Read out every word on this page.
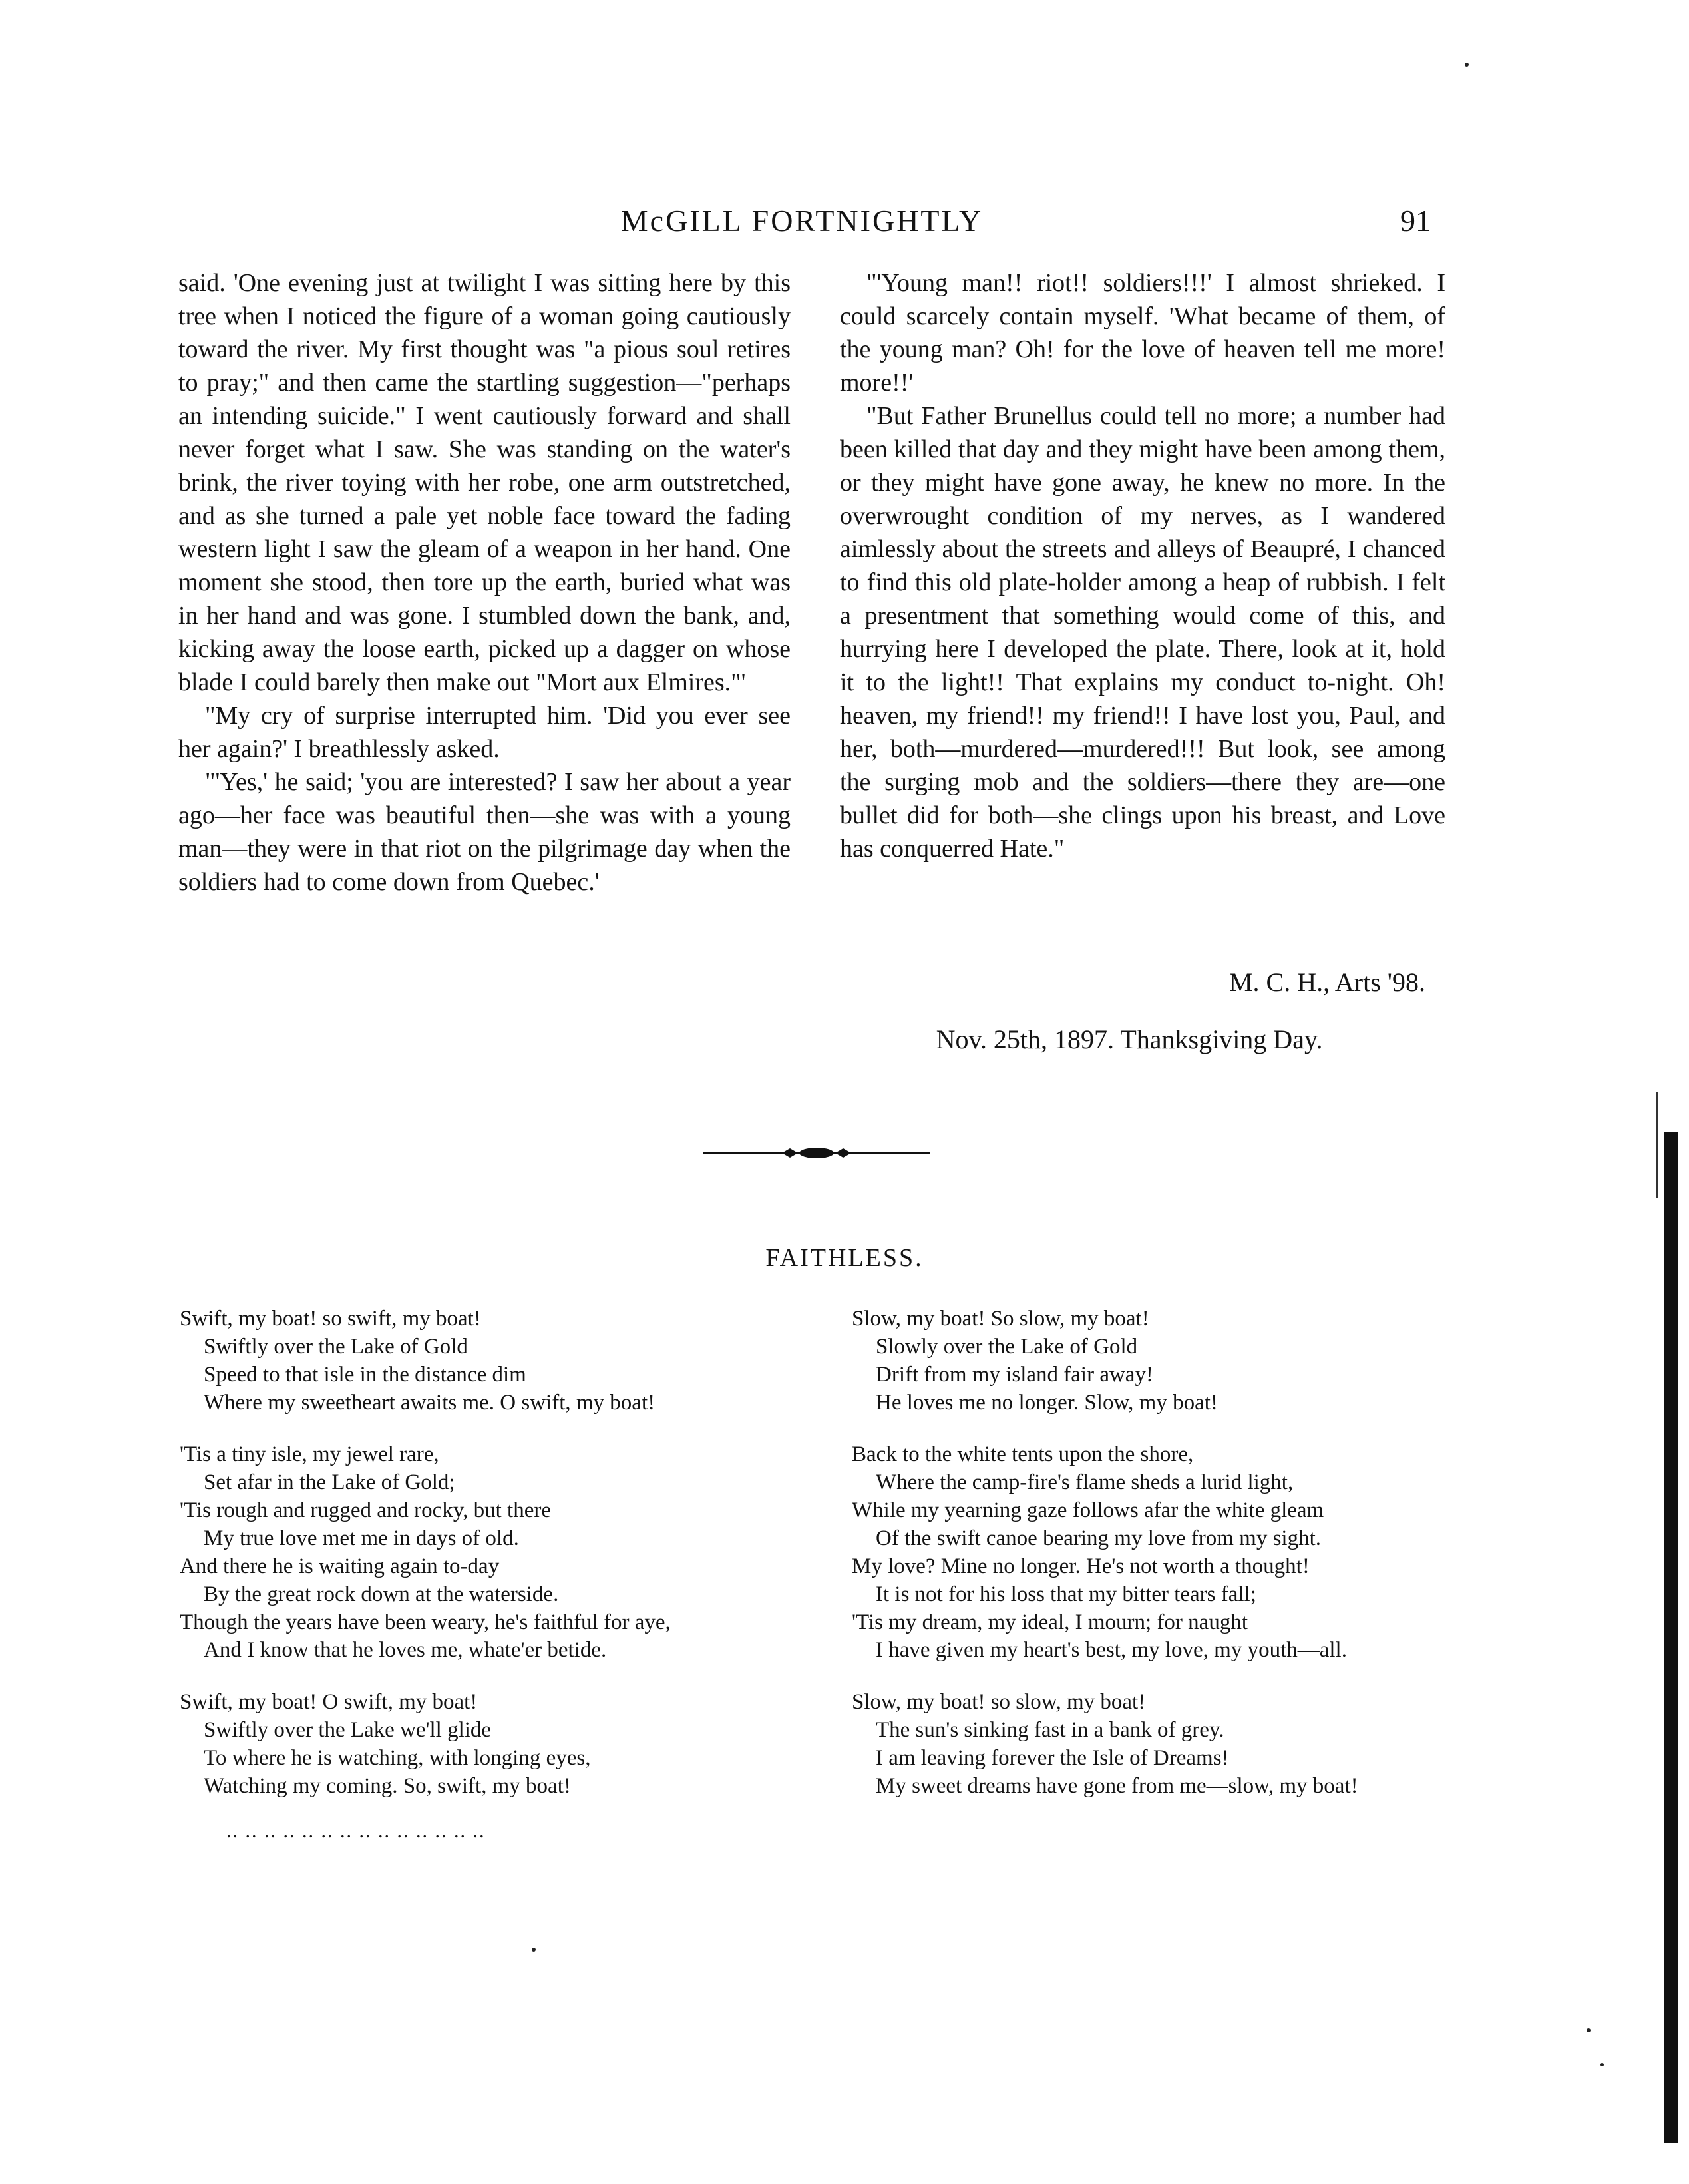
McGILL FORTNIGHTLY	91

said. 'One evening just at twilight I was sitting here by this tree when I noticed the figure of a woman going cautiously toward the river. My first thought was "a pious soul retires to pray;" and then came the startling suggestion—"perhaps an intending suicide." I went cautiously forward and shall never forget what I saw. She was standing on the water's brink, the river toying with her robe, one arm outstretched, and as she turned a pale yet noble face toward the fading western light I saw the gleam of a weapon in her hand. One moment she stood, then tore up the earth, buried what was in her hand and was gone. I stumbled down the bank, and, kicking away the loose earth, picked up a dagger on whose blade I could barely then make out "Mort aux Elmires."'

"My cry of surprise interrupted him. 'Did you ever see her again?' I breathlessly asked.

"'Yes,' he said; 'you are interested? I saw her about a year ago—her face was beautiful then—she was with a young man—they were in that riot on the pilgrimage day when the soldiers had to come down from Quebec.'

"'Young man!! riot!! soldiers!!!' I almost shrieked. I could scarcely contain myself. 'What became of them, of the young man? Oh! for the love of heaven tell me more! more!!'

"But Father Brunellus could tell no more; a number had been killed that day and they might have been among them, or they might have gone away, he knew no more. In the overwrought condition of my nerves, as I wandered aimlessly about the streets and alleys of Beaupré, I chanced to find this old plate-holder among a heap of rubbish. I felt a presentment that something would come of this, and hurrying here I developed the plate. There, look at it, hold it to the light!! That explains my conduct to-night. Oh! heaven, my friend!! my friend!! I have lost you, Paul, and her, both—murdered—murdered!!! But look, see among the surging mob and the soldiers—there they are—one bullet did for both—she clings upon his breast, and Love has conquerred Hate."

M. C. H., Arts '98.
Nov. 25th, 1897. Thanksgiving Day.
FAITHLESS.
Swift, my boat! so swift, my boat!
Swiftly over the Lake of Gold
Speed to that isle in the distance dim
Where my sweetheart awaits me. O swift, my boat!
'Tis a tiny isle, my jewel rare,
Set afar in the Lake of Gold;
'Tis rough and rugged and rocky, but there
My true love met me in days of old.
And there he is waiting again to-day
By the great rock down at the waterside.
Though the years have been weary, he's faithful for aye,
And I know that he loves me, whate'er betide.
Swift, my boat! O swift, my boat!
Swiftly over the Lake we'll glide
To where he is watching, with longing eyes,
Watching my coming. So, swift, my boat!
.. .. .. .. .. .. .. .. .. .. .. .. .. ..
Slow, my boat! So slow, my boat!
Slowly over the Lake of Gold
Drift from my island fair away!
He loves me no longer. Slow, my boat!
Back to the white tents upon the shore,
Where the camp-fire's flame sheds a lurid light,
While my yearning gaze follows afar the white gleam
Of the swift canoe bearing my love from my sight.
My love? Mine no longer. He's not worth a thought!
It is not for his loss that my bitter tears fall;
'Tis my dream, my ideal, I mourn; for naught
I have given my heart's best, my love, my youth—all.
Slow, my boat! so slow, my boat!
The sun's sinking fast in a bank of grey.
I am leaving forever the Isle of Dreams!
My sweet dreams have gone from me—slow, my boat!
